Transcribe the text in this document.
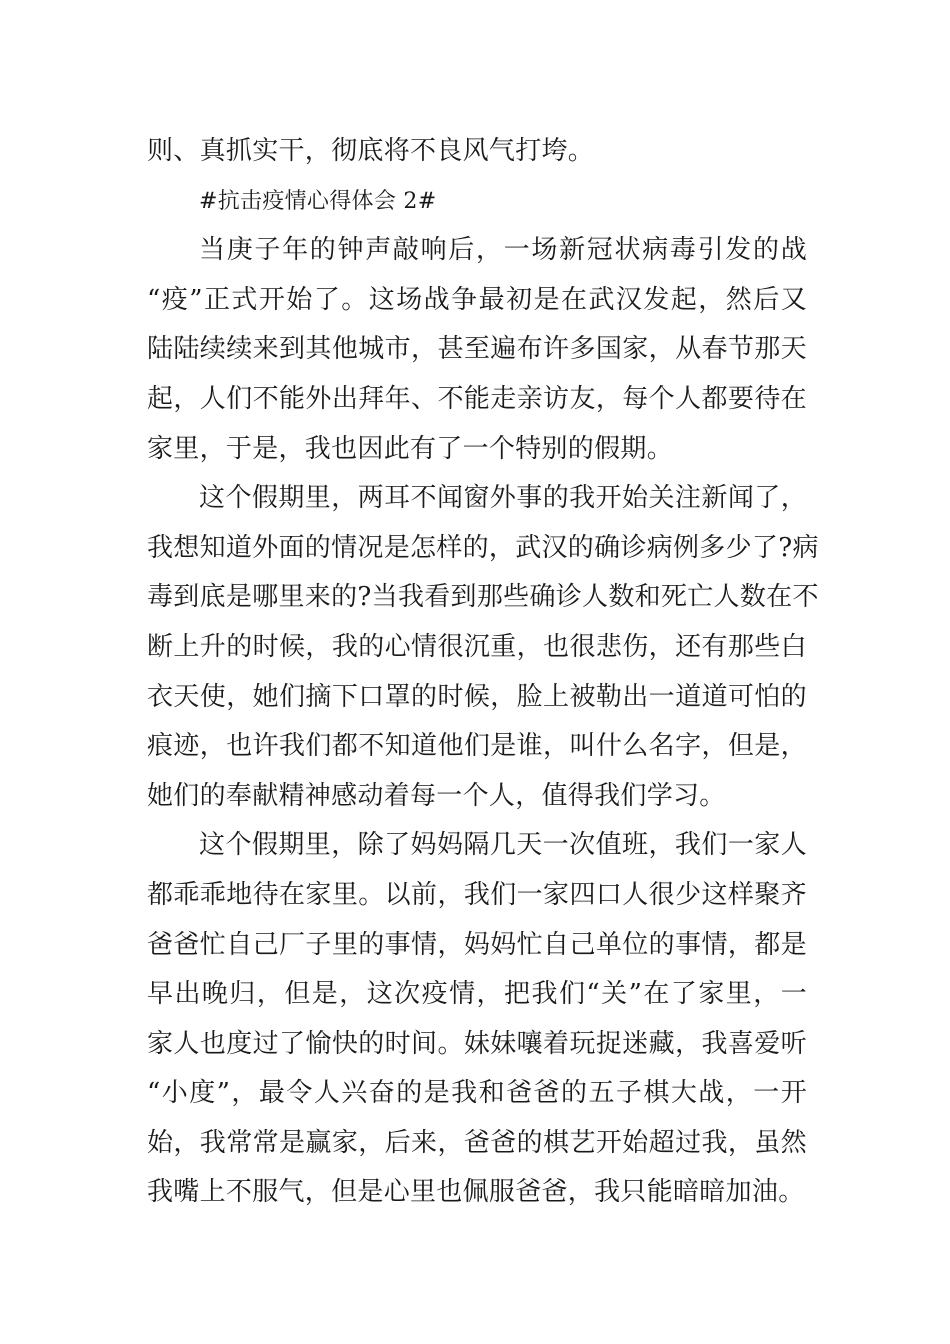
则、真抓实干，彻底将不良风气打垮。
#抗击疫情心得体会 2#
当庚子年的钟声敲响后，一场新冠状病毒引发的战
“疫”正式开始了。这场战争最初是在武汉发起，然后又
陆陆续续来到其他城市，甚至遍布许多国家，从春节那天
起，人们不能外出拜年、不能走亲访友，每个人都要待在
家里，于是，我也因此有了一个特别的假期。
这个假期里，两耳不闻窗外事的我开始关注新闻了，
我想知道外面的情况是怎样的，武汉的确诊病例多少了?病
毒到底是哪里来的?当我看到那些确诊人数和死亡人数在不
断上升的时候，我的心情很沉重，也很悲伤，还有那些白
衣天使，她们摘下口罩的时候，脸上被勒出一道道可怕的
痕迹，也许我们都不知道他们是谁，叫什么名字，但是，
她们的奉献精神感动着每一个人，值得我们学习。
这个假期里，除了妈妈隔几天一次值班，我们一家人
都乖乖地待在家里。以前，我们一家四口人很少这样聚齐
爸爸忙自己厂子里的事情，妈妈忙自己单位的事情，都是
早出晚归，但是，这次疫情，把我们“关”在了家里，一
家人也度过了愉快的时间。妹妹嚷着玩捉迷藏，我喜爱听
“小度”，最令人兴奋的是我和爸爸的五子棋大战，一开
始，我常常是赢家，后来，爸爸的棋艺开始超过我，虽然
我嘴上不服气，但是心里也佩服爸爸，我只能暗暗加油。
